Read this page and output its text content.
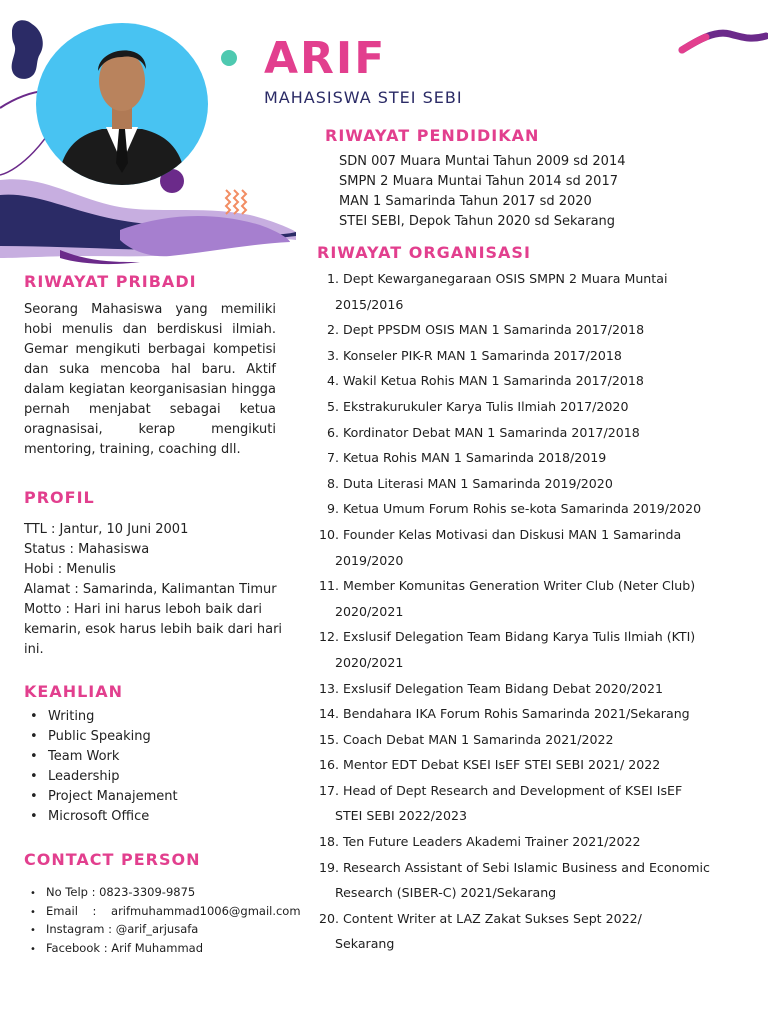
ARIF
MAHASISWA STEI SEBI
RIWAYAT PENDIDIKAN
SDN 007 Muara Muntai Tahun 2009 sd 2014
SMPN 2 Muara Muntai Tahun 2014 sd 2017
MAN 1 Samarinda Tahun 2017 sd 2020
STEI SEBI, Depok Tahun 2020 sd Sekarang
RIWAYAT ORGANISASI
1. Dept Kewarganegaraan OSIS SMPN 2 Muara Muntai
2015/2016
2. Dept PPSDM OSIS MAN 1 Samarinda 2017/2018
3. Konseler PIK-R MAN 1 Samarinda 2017/2018
4. Wakil Ketua Rohis MAN 1 Samarinda 2017/2018
5. Ekstrakurukuler Karya Tulis Ilmiah 2017/2020
6. Kordinator Debat MAN 1 Samarinda 2017/2018
7. Ketua Rohis MAN 1 Samarinda 2018/2019
8. Duta Literasi MAN 1 Samarinda 2019/2020
9. Ketua Umum Forum Rohis se-kota Samarinda 2019/2020
10. Founder Kelas Motivasi dan Diskusi MAN 1 Samarinda
2019/2020
11. Member Komunitas Generation Writer Club (Neter Club)
2020/2021
12. Exslusif Delegation Team Bidang Karya Tulis Ilmiah (KTI)
2020/2021
13. Exslusif Delegation Team Bidang Debat 2020/2021
14. Bendahara IKA Forum Rohis Samarinda 2021/Sekarang
15. Coach Debat MAN 1 Samarinda 2021/2022
16. Mentor EDT Debat KSEI IsEF STEI SEBI 2021/ 2022
17. Head of Dept Research and Development of KSEI IsEF
STEI SEBI 2022/2023
18. Ten Future Leaders Akademi Trainer 2021/2022
19. Research Assistant of Sebi Islamic Business and Economic
Research (SIBER-C) 2021/Sekarang
20. Content Writer at LAZ Zakat Sukses Sept 2022/
Sekarang
RIWAYAT PRIBADI

Seorang Mahasiswa yang memiliki hobi menulis dan berdiskusi ilmiah. Gemar mengikuti berbagai kompetisi dan suka mencoba hal baru. Aktif dalam kegiatan keorganisasian hingga pernah menjabat sebagai ketua oragnasisai, kerap mengikuti mentoring, training, coaching dll.

PROFIL
TTL : Jantur, 10 Juni 2001
Status : Mahasiswa
Hobi : Menulis
Alamat : Samarinda, Kalimantan Timur
Motto : Hari ini harus leboh baik dari kemarin, esok harus lebih baik dari hari ini.
KEAHLIAN
• Writing
• Public Speaking
• Team Work
• Leadership
• Project Manajement
• Microsoft Office
CONTACT PERSON
• No Telp : 0823-3309-9875
• Email    :    arifmuhammad1006@gmail.com
• Instagram : @arif_arjusafa
• Facebook : Arif Muhammad
